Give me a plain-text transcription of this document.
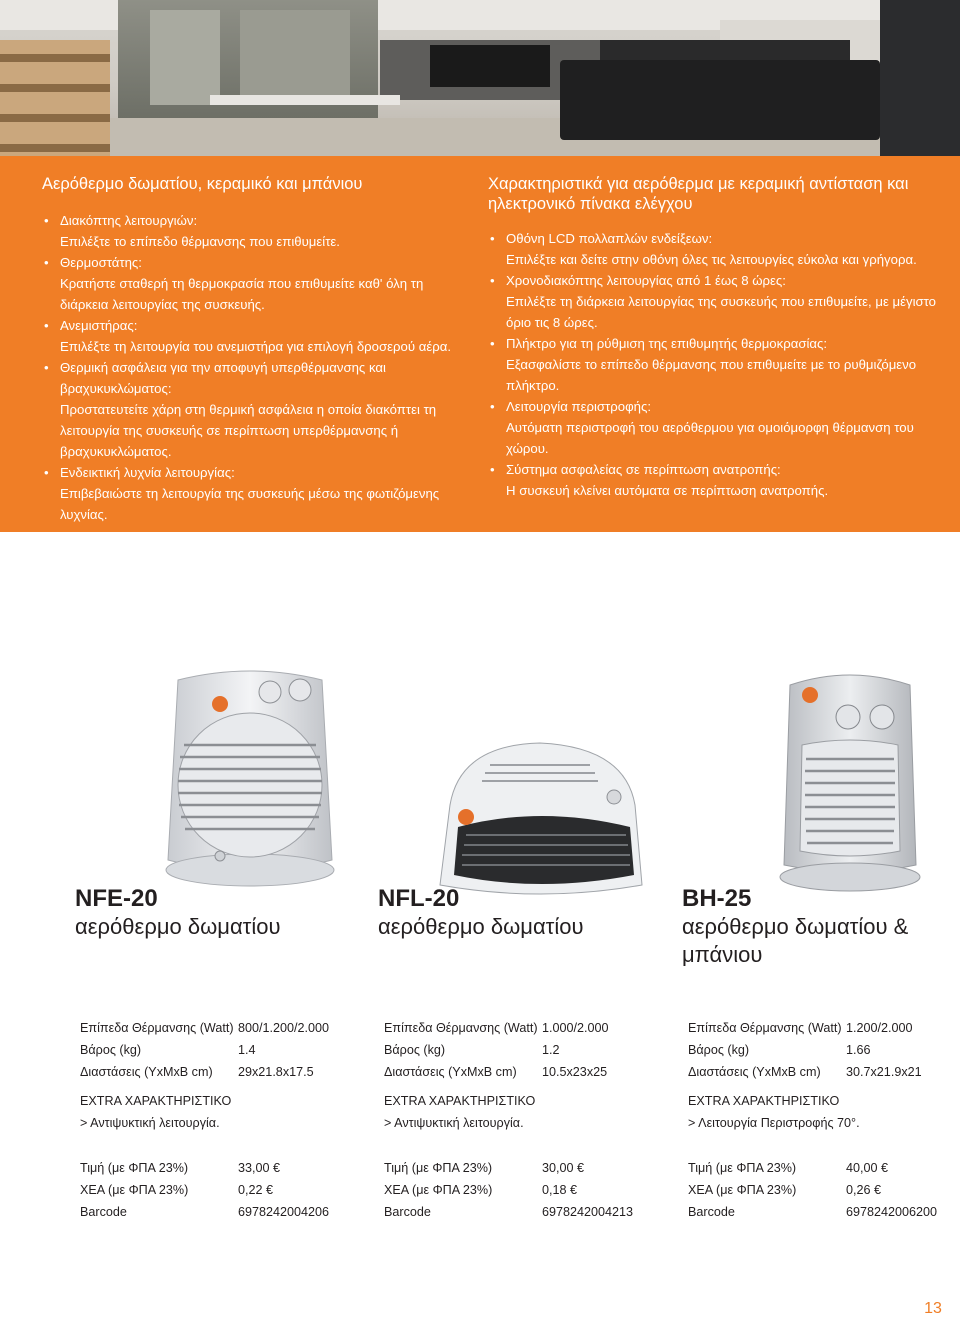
Αερόθερμο δωματίου, κεραμικό και μπάνιου
• Διακόπτης λειτουργιών:
Επιλέξτε το επίπεδο θέρμανσης που επιθυμείτε.
• Θερμοστάτης:
Κρατήστε σταθερή τη θερμοκρασία που επιθυμείτε καθ' όλη τη διάρκεια λειτουργίας της συσκευής.
• Ανεμιστήρας:
Επιλέξτε τη λειτουργία του ανεμιστήρα για επιλογή δροσερού αέρα.
• Θερμική ασφάλεια για την αποφυγή υπερθέρμανσης και βραχυκυκλώματος:
Προστατευτείτε χάρη στη θερμική ασφάλεια η οποία διακόπτει τη λειτουργία της συσκευής σε περίπτωση υπερθέρμανσης ή βραχυκυκλώματος.
• Ενδεικτική λυχνία λειτουργίας:
Επιβεβαιώστε τη λειτουργία της συσκευής μέσω της φωτιζόμενης λυχνίας.
Χαρακτηριστικά για αερόθερμα με κεραμική αντίσταση και ηλεκτρονικό πίνακα ελέγχου
• Οθόνη LCD πολλαπλών ενδείξεων:
Επιλέξτε και δείτε στην οθόνη όλες τις λειτουργίες εύκολα και γρήγορα.
• Χρονοδιακόπτης λειτουργίας από 1 έως 8 ώρες:
Επιλέξτε τη διάρκεια λειτουργίας της συσκευής που επιθυμείτε, με μέγιστο όριο τις 8 ώρες.
• Πλήκτρο για τη ρύθμιση της επιθυμητής θερμοκρασίας:
Εξασφαλίστε το επίπεδο θέρμανσης που επιθυμείτε με το ρυθμιζόμενο πλήκτρο.
• Λειτουργία περιστροφής:
Αυτόματη περιστροφή του αερόθερμου για ομοιόμορφη θέρμανση του χώρου.
• Σύστημα ασφαλείας σε περίπτωση ανατροπής:
Η συσκευή κλείνει αυτόματα σε περίπτωση ανατροπής.
NFE-20
αερόθερμο δωματίου
Επίπεδα Θέρμανσης (Watt) 800/1.200/2.000
Βάρος (kg)	1.4
Διαστάσεις (ΥxΜxΒ cm) 29x21.8x17.5
EXTRA ΧΑΡΑΚΤΗΡΙΣΤΙΚΟ
> Αντιψυκτική λειτουργία.
Τιμή (με ΦΠΑ 23%)	33,00 €
ΧΕΑ (με ΦΠΑ 23%)	0,22 €
Barcode	6978242004206
NFL-20
αερόθερμο δωματίου
Επίπεδα Θέρμανσης (Watt) 1.000/2.000
Βάρος (kg)	1.2
Διαστάσεις (ΥxΜxΒ cm) 10.5x23x25
EXTRA ΧΑΡΑΚΤΗΡΙΣΤΙΚΟ
> Αντιψυκτική λειτουργία.
Τιμή (με ΦΠΑ 23%)	30,00 €
ΧΕΑ (με ΦΠΑ 23%)	0,18 €
Barcode	6978242004213
BH-25
αερόθερμο δωματίου & μπάνιου
Επίπεδα Θέρμανσης (Watt) 1.200/2.000
Βάρος (kg)	1.66
Διαστάσεις (ΥxΜxΒ cm) 30.7x21.9x21
EXTRA ΧΑΡΑΚΤΗΡΙΣΤΙΚΟ
> Λειτουργία Περιστροφής 70°.
Τιμή (με ΦΠΑ 23%)	40,00 €
ΧΕΑ (με ΦΠΑ 23%)	0,26 €
Barcode	6978242006200
13
